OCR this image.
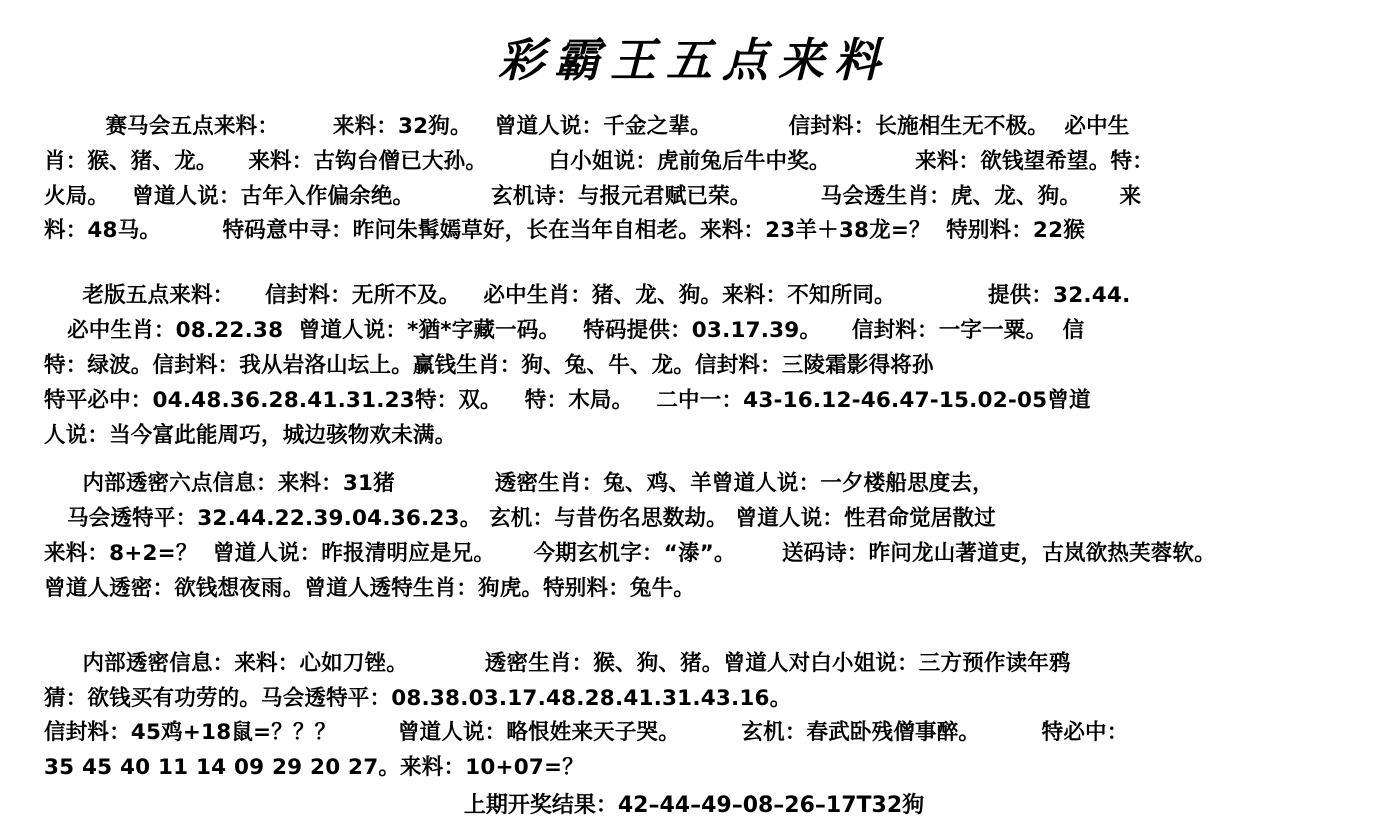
彩霸王五点来料
赛马会五点来料：       来料：32狗。   曾道人说：千金之辈。          信封料：长施相生无不极。  必中生
肖：猴、猪、龙。    来料：古钩台僧已大孙。        白小姐说：虎前兔后牛中奖。           来料：欲钱望希望。特：
火局。   曾道人说：古年入作偏余绝。          玄机诗：与报元君赋已荣。         马会透生肖：虎、龙、狗。     来
料：48马。        特码意中寻：昨问朱髯嫣草好，长在当年自相老。来料：23羊＋38龙=？  特别料：22猴
老版五点来料：    信封料：无所不及。   必中生肖：猪、龙、狗。来料：不知所同。            提供：32.44.
必中生肖：08.22.38  曾道人说：*猶*字藏一码。   特码提供：03.17.39。    信封料：一字一粟。  信
特：绿波。信封料：我从岩洛山坛上。赢钱生肖：狗、兔、牛、龙。信封料：三陵霜影得将孙
特平必中：04.48.36.28.41.31.23特：双。   特：木局。   二中一：43-16.12-46.47-15.02-05曾道
人说：当今富此能周巧，城边骇物欢未满。
内部透密六点信息：来料：31猪             透密生肖：兔、鸡、羊曾道人说：一夕楼船思度去，
马会透特平：32.44.22.39.04.36.23。 玄机：与昔伤名思数劫。 曾道人说：性君命觉居散过
来料：8+2=？  曾道人说：昨报清明应是兄。     今期玄机字：“溙”。      送码诗：昨问龙山著道吏，古岚欲热芙蓉软。
曾道人透密：欲钱想夜雨。曾道人透特生肖：狗虎。特别料：兔牛。
内部透密信息：来料：心如刀锉。          透密生肖：猴、狗、猪。曾道人对白小姐说：三方预作读年鸦
猜：欲钱买有功劳的。马会透特平：08.38.03.17.48.28.41.31.43.16。
信封料：45鸡+18鼠=？？？        曾道人说：略恨姓来天子哭。        玄机：春武卧残僧事醉。        特必中：
35 45 40 11 14 09 29 20 27。来料：10+07=？
上期开奖结果：42–44–49–08–26–17T32狗
